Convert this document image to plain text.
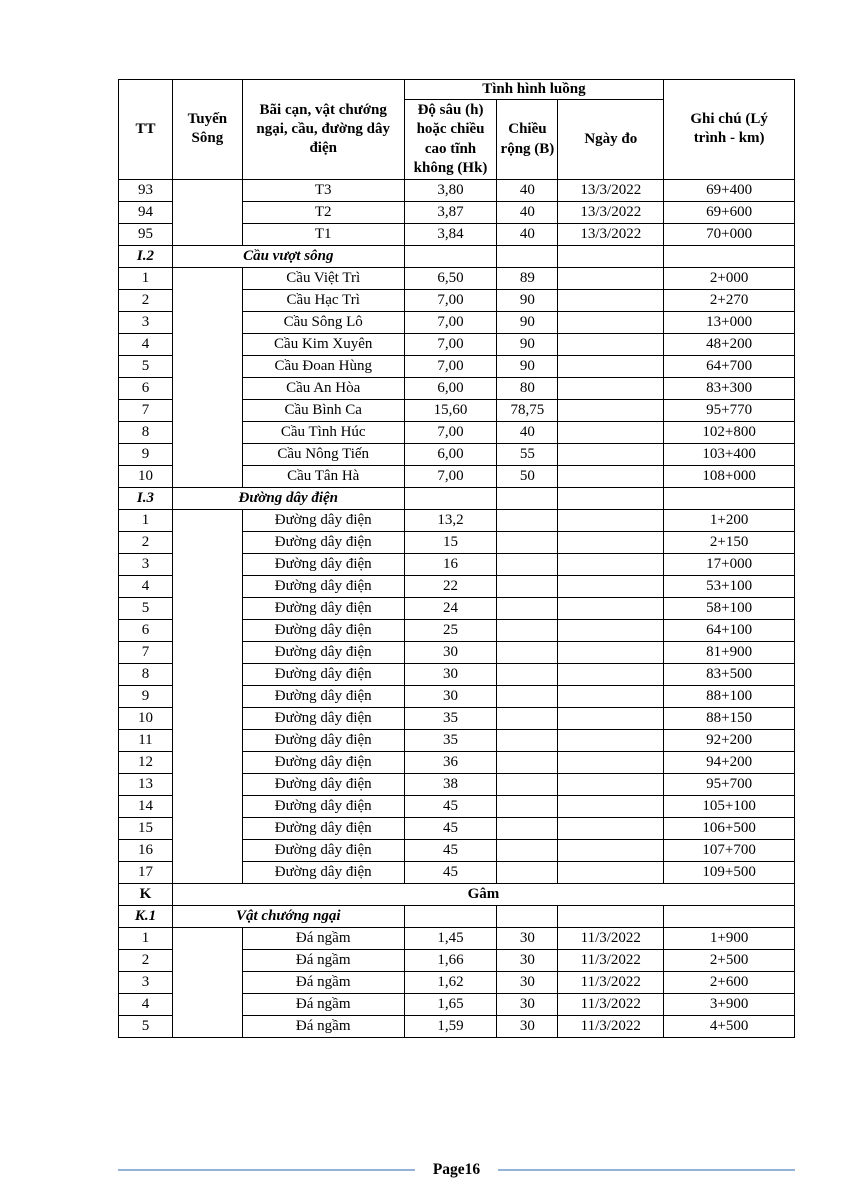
TT	Tuyến Sông	Bãi cạn, vật chướng ngại, cầu, đường dây điện	Tình hình luồng			Ghi chú (Lý trình - km)
			Độ sâu (h) hoặc chiều cao tĩnh không (Hk)	Chiều rộng (B)	Ngày đo	
93		T3	3,80	40	13/3/2022	69+400
94		T2	3,87	40	13/3/2022	69+600
95		T1	3,84	40	13/3/2022	70+000
I.2	Cầu vượt sông					
1		Cầu Việt Trì	6,50	89		2+000
2		Cầu Hạc Trì	7,00	90		2+270
3		Cầu Sông Lô	7,00	90		13+000
4		Cầu Kim Xuyên	7,00	90		48+200
5		Cầu Đoan Hùng	7,00	90		64+700
6		Cầu An Hòa	6,00	80		83+300
7		Cầu Bình Ca	15,60	78,75		95+770
8		Cầu Tình Húc	7,00	40		102+800
9		Cầu Nông Tiến	6,00	55		103+400
10		Cầu Tân Hà	7,00	50		108+000
I.3	Đường dây điện					
1		Đường dây điện	13,2			1+200
2		Đường dây điện	15			2+150
3		Đường dây điện	16			17+000
4		Đường dây điện	22			53+100
5		Đường dây điện	24			58+100
6		Đường dây điện	25			64+100
7		Đường dây điện	30			81+900
8		Đường dây điện	30			83+500
9		Đường dây điện	30			88+100
10		Đường dây điện	35			88+150
11		Đường dây điện	35			92+200
12		Đường dây điện	36			94+200
13		Đường dây điện	38			95+700
14		Đường dây điện	45			105+100
15		Đường dây điện	45			106+500
16		Đường dây điện	45			107+700
17		Đường dây điện	45			109+500
K	Gâm					
K.1	Vật chướng ngại					
1		Đá ngầm	1,45	30	11/3/2022	1+900
2		Đá ngầm	1,66	30	11/3/2022	2+500
3		Đá ngầm	1,62	30	11/3/2022	2+600
4		Đá ngầm	1,65	30	11/3/2022	3+900
5		Đá ngầm	1,59	30	11/3/2022	4+500
Page16
